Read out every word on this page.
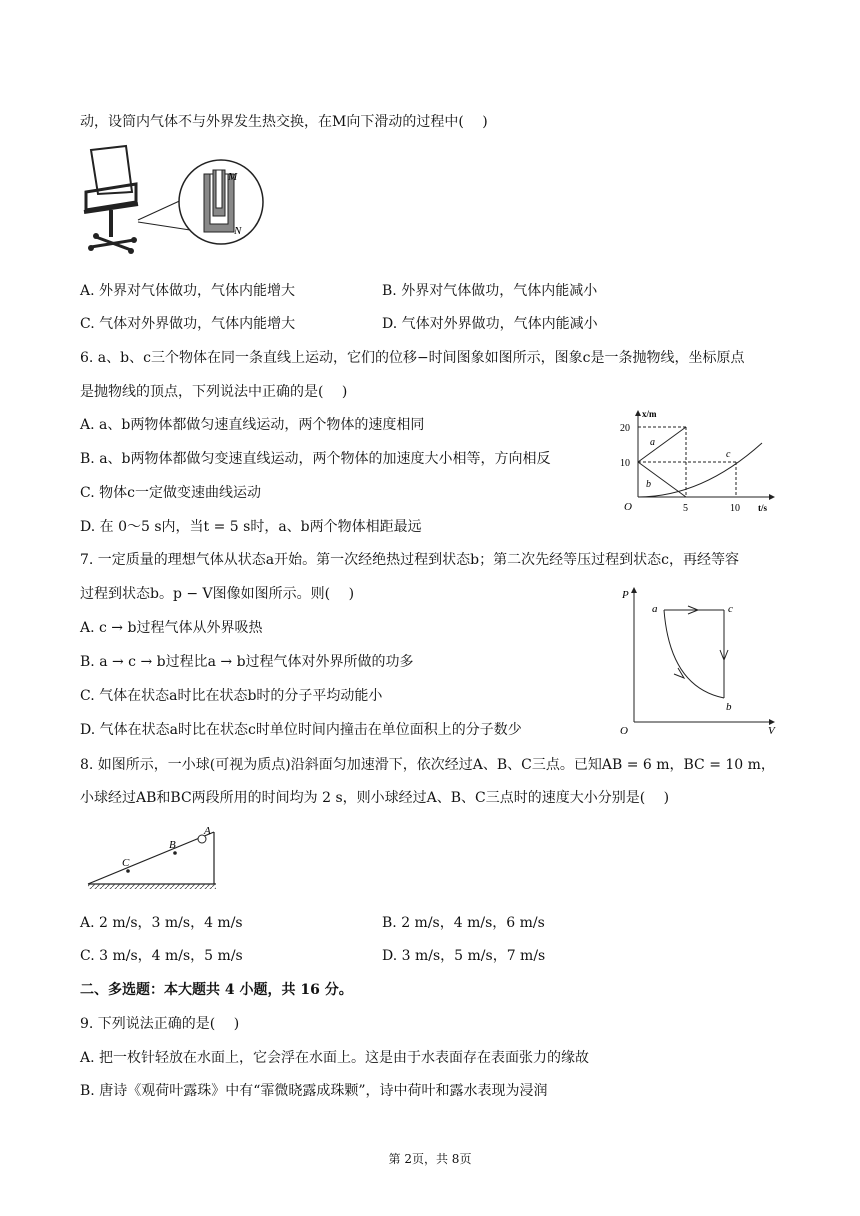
动，设筒内气体不与外界发生热交换，在M向下滑动的过程中(　 )
M
N
A. 外界对气体做功，气体内能增大	B. 外界对气体做功，气体内能减小
C. 气体对外界做功，气体内能增大	D. 气体对外界做功，气体内能减小
6. a、b、c三个物体在同一条直线上运动，它们的位移−时间图象如图所示，图象c是一条抛物线，坐标原点
是抛物线的顶点，下列说法中正确的是(　 )
A. a、b两物体都做匀速直线运动，两个物体的速度相同
B. a、b两物体都做匀变速直线运动，两个物体的加速度大小相等，方向相反
C. 物体c一定做变速曲线运动
D. 在 0～5 s内，当t = 5 s时，a、b两个物体相距最远
x/m
t/s
O
20
10
5	10
a
b
c
7. 一定质量的理想气体从状态a开始。第一次经绝热过程到状态b；第二次先经等压过程到状态c，再经等容
过程到状态b。p − V图像如图所示。则(　 )
A. c → b过程气体从外界吸热
B. a → c → b过程比a → b过程气体对外界所做的功多
C. 气体在状态a时比在状态b时的分子平均动能小
D. 气体在状态a时比在状态c时单位时间内撞击在单位面积上的分子数少
P
V
O
a	c
b
8. 如图所示，一小球(可视为质点)沿斜面匀加速滑下，依次经过A、B、C三点。已知AB = 6 m，BC = 10 m，
小球经过AB和BC两段所用的时间均为 2 s，则小球经过A、B、C三点时的速度大小分别是(　 )
A
B
C
A. 2 m/s，3 m/s，4 m/s	B. 2 m/s，4 m/s，6 m/s
C. 3 m/s，4 m/s，5 m/s	D. 3 m/s，5 m/s，7 m/s
二、多选题：本大题共 4 小题，共 16 分。
9. 下列说法正确的是(　 )
A. 把一枚针轻放在水面上，它会浮在水面上。这是由于水表面存在表面张力的缘故
B. 唐诗《观荷叶露珠》中有“霏微晓露成珠颗”，诗中荷叶和露水表现为浸润
第 2页，共 8页
